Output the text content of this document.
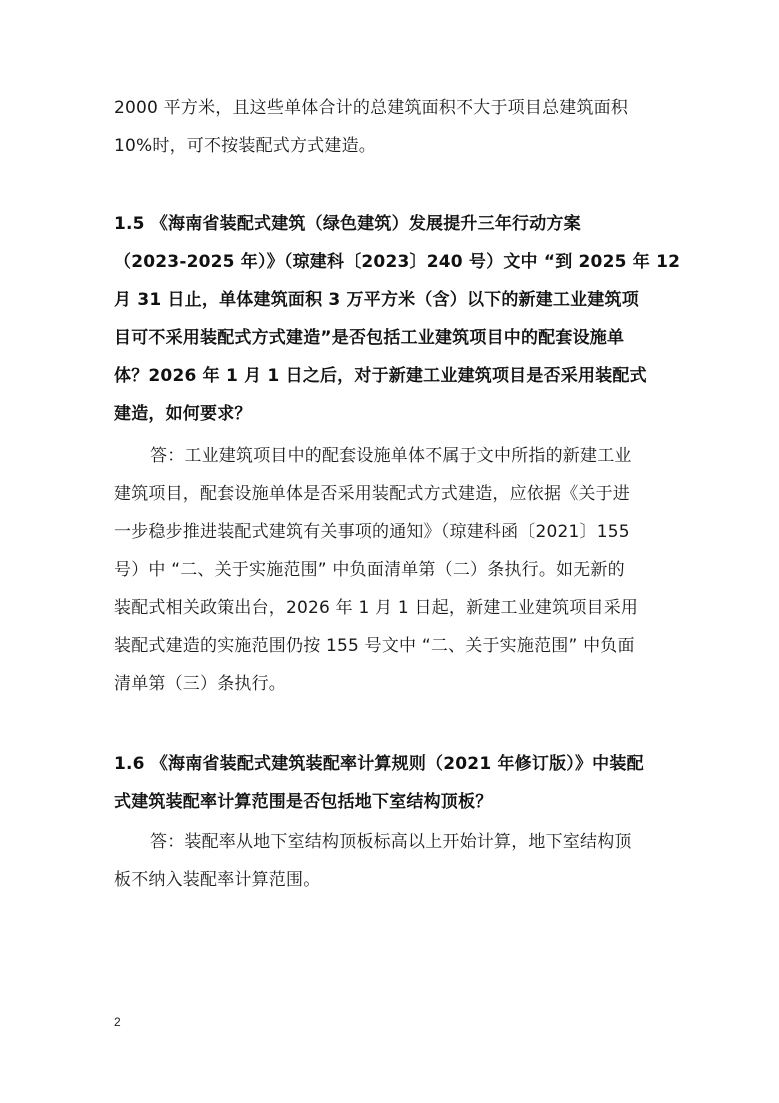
2000 平方米，且这些单体合计的总建筑面积不大于项目总建筑面积
10%时，可不按装配式方式建造。
1.5 《海南省装配式建筑（绿色建筑）发展提升三年行动方案
（2023-2025 年）》（琼建科〔2023〕240 号）文中 “到 2025 年 12
月 31 日止，单体建筑面积 3 万平方米（含）以下的新建工业建筑项
目可不采用装配式方式建造”是否包括工业建筑项目中的配套设施单
体？2026 年 1 月 1 日之后，对于新建工业建筑项目是否采用装配式
建造，如何要求？
答：工业建筑项目中的配套设施单体不属于文中所指的新建工业
建筑项目，配套设施单体是否采用装配式方式建造，应依据《关于进
一步稳步推进装配式建筑有关事项的通知》（琼建科函〔2021〕155
号）中 “二、关于实施范围” 中负面清单第（二）条执行。如无新的
装配式相关政策出台，2026 年 1 月 1 日起，新建工业建筑项目采用
装配式建造的实施范围仍按 155 号文中 “二、关于实施范围” 中负面
清单第（三）条执行。
1.6 《海南省装配式建筑装配率计算规则（2021 年修订版）》中装配
式建筑装配率计算范围是否包括地下室结构顶板？
答：装配率从地下室结构顶板标高以上开始计算，地下室结构顶
板不纳入装配率计算范围。
2
